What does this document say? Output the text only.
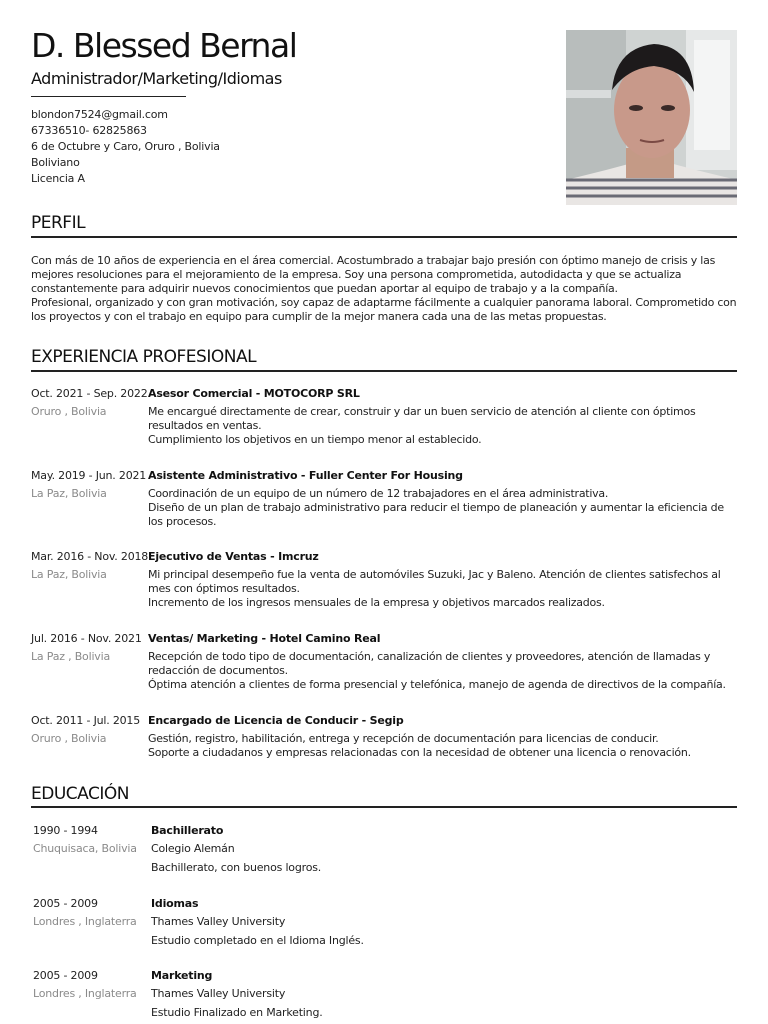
D. Blessed Bernal
Administrador/Marketing/Idiomas
blondon7524@gmail.com
67336510- 62825863
6 de Octubre y Caro, Oruro , Bolivia
Boliviano
Licencia A
PERFIL

Con más de 10 años de experiencia en el área comercial. Acostumbrado a trabajar bajo presión con óptimo manejo de crisis y las mejores resoluciones para el mejoramiento de la empresa. Soy una persona comprometida, autodidacta y que se actualiza constantemente para adquirir nuevos conocimientos que puedan aportar al equipo de trabajo y a la compañía.

Profesional, organizado y con gran motivación, soy capaz de adaptarme fácilmente a cualquier panorama laboral. Comprometido con los proyectos y con el trabajo en equipo para cumplir de la mejor manera cada una de las metas propuestas.

EXPERIENCIA PROFESIONAL
Oct. 2021 - Sep. 2022
Oruro , Bolivia
Asesor Comercial - MOTOCORP SRL

Me encargué directamente de crear, construir y dar un buen servicio de atención al cliente con óptimos resultados en ventas.

Cumplimiento los objetivos en un tiempo menor al establecido.

May. 2019 - Jun. 2021
La Paz, Bolivia
Asistente Administrativo - Fuller Center For Housing

Coordinación de un equipo de un número de 12 trabajadores en el área administrativa.

Diseño de un plan de trabajo administrativo para reducir el tiempo de planeación y aumentar la eficiencia de los procesos.

Mar. 2016 - Nov. 2018
La Paz, Bolivia
Ejecutivo de Ventas - Imcruz

Mi principal desempeño fue la venta de automóviles Suzuki, Jac y Baleno. Atención de clientes satisfechos al mes con óptimos resultados.

Incremento de los ingresos mensuales de la empresa y objetivos marcados realizados.

Jul. 2016 - Nov. 2021
La Paz , Bolivia
Ventas/ Marketing - Hotel Camino Real

Recepción de todo tipo de documentación, canalización de clientes y proveedores, atención de llamadas y redacción de documentos.

Óptima atención a clientes de forma presencial y telefónica, manejo de agenda de directivos de la compañía.

Oct. 2011 - Jul. 2015
Oruro , Bolivia
Encargado de Licencia de Conducir - Segip

Gestión, registro, habilitación, entrega y recepción de documentación para licencias de conducir.

Soporte a ciudadanos y empresas relacionadas con la necesidad de obtener una licencia o renovación.

EDUCACIÓN
1990 - 1994
Chuquisaca, Bolivia
Bachillerato
Colegio Alemán
Bachillerato, con buenos logros.
2005 - 2009
Londres , Inglaterra
Idiomas
Thames Valley University
Estudio completado en el Idioma Inglés.
2005 - 2009
Londres , Inglaterra
Marketing
Thames Valley University
Estudio Finalizado en Marketing.
